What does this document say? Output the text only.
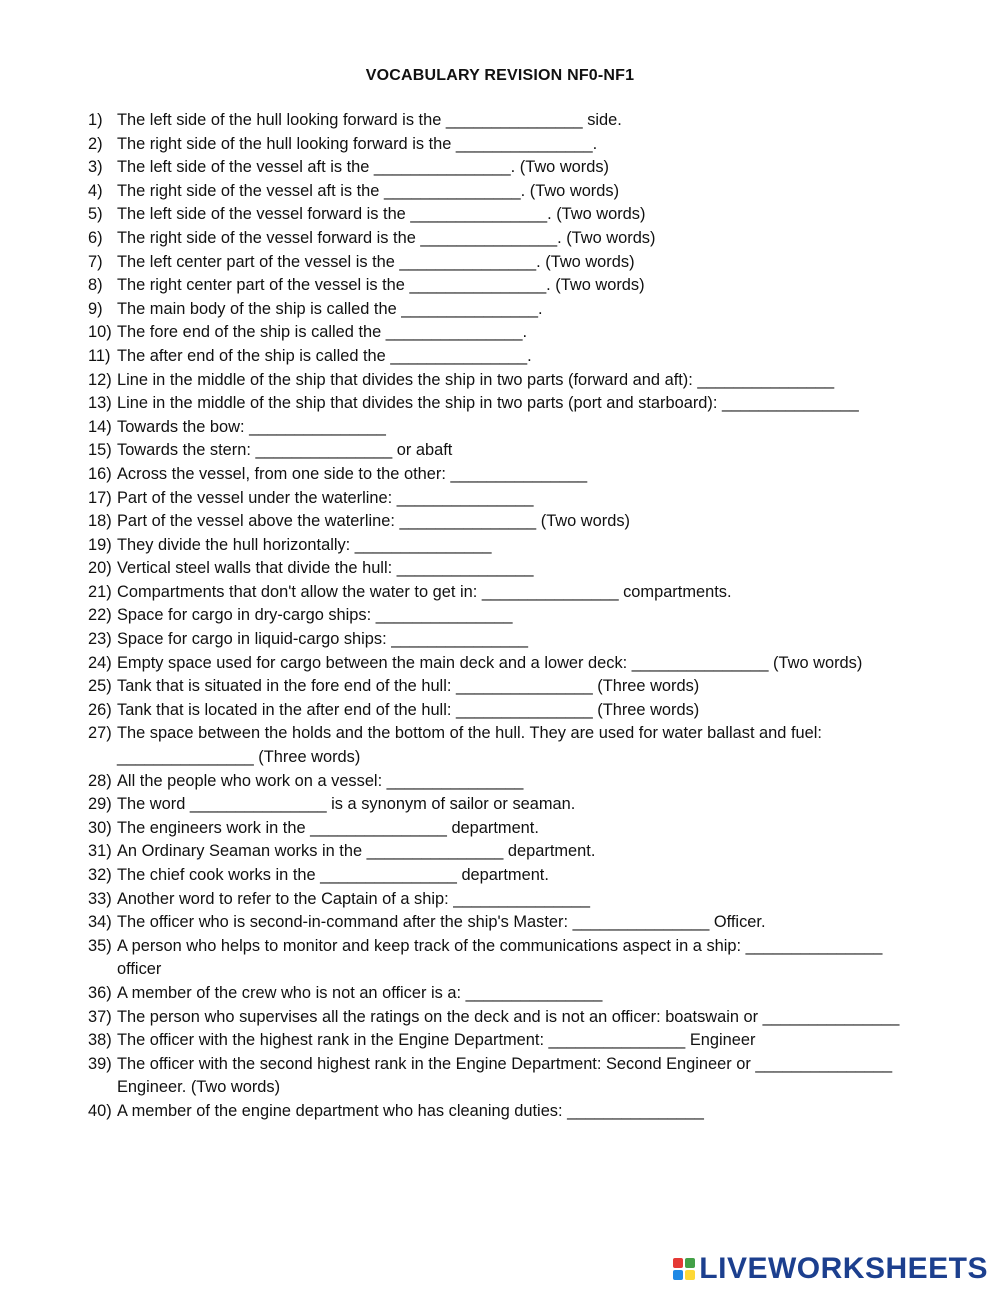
VOCABULARY REVISION NF0-NF1
1) The left side of the hull looking forward is the _______________ side.
2) The right side of the hull looking forward is the _______________.
3) The left side of the vessel aft is the _______________. (Two words)
4) The right side of the vessel aft is the _______________. (Two words)
5) The left side of the vessel forward is the _______________. (Two words)
6) The right side of the vessel forward is the _______________. (Two words)
7) The left center part of the vessel is the _______________. (Two words)
8) The right center part of the vessel is the _______________. (Two words)
9) The main body of the ship is called the _______________.
10) The fore end of the ship is called the _______________.
11) The after end of the ship is called the _______________.
12) Line in the middle of the ship that divides the ship in two parts (forward and aft): _______________
13) Line in the middle of the ship that divides the ship in two parts (port and starboard): _______________
14) Towards the bow: _______________
15) Towards the stern: _______________ or abaft
16) Across the vessel, from one side to the other: _______________
17) Part of the vessel under the waterline: _______________
18) Part of the vessel above the waterline: _______________ (Two words)
19) They divide the hull horizontally: _______________
20) Vertical steel walls that divide the hull: _______________
21) Compartments that don't allow the water to get in: _______________ compartments.
22) Space for cargo in dry-cargo ships: _______________
23) Space for cargo in liquid-cargo ships: _______________
24) Empty space used for cargo between the main deck and a lower deck: _______________ (Two words)
25) Tank that is situated in the fore end of the hull: _______________ (Three words)
26) Tank that is located in the after end of the hull: _______________ (Three words)
27) The space between the holds and the bottom of the hull. They are used for water ballast and fuel: _______________ (Three words)
28) All the people who work on a vessel: _______________
29) The word _______________ is a synonym of sailor or seaman.
30) The engineers work in the _______________ department.
31) An Ordinary Seaman works in the _______________ department.
32) The chief cook works in the _______________ department.
33) Another word to refer to the Captain of a ship: _______________
34) The officer who is second-in-command after the ship's Master: _______________ Officer.
35) A person who helps to monitor and keep track of the communications aspect in a ship: _______________ officer
36) A member of the crew who is not an officer is a: _______________
37) The person who supervises all the ratings on the deck and is not an officer: boatswain or _______________
38) The officer with the highest rank in the Engine Department: _______________ Engineer
39) The officer with the second highest rank in the Engine Department: Second Engineer or _______________ Engineer. (Two words)
40) A member of the engine department who has cleaning duties: _______________
LIVEWORKSHEETS
